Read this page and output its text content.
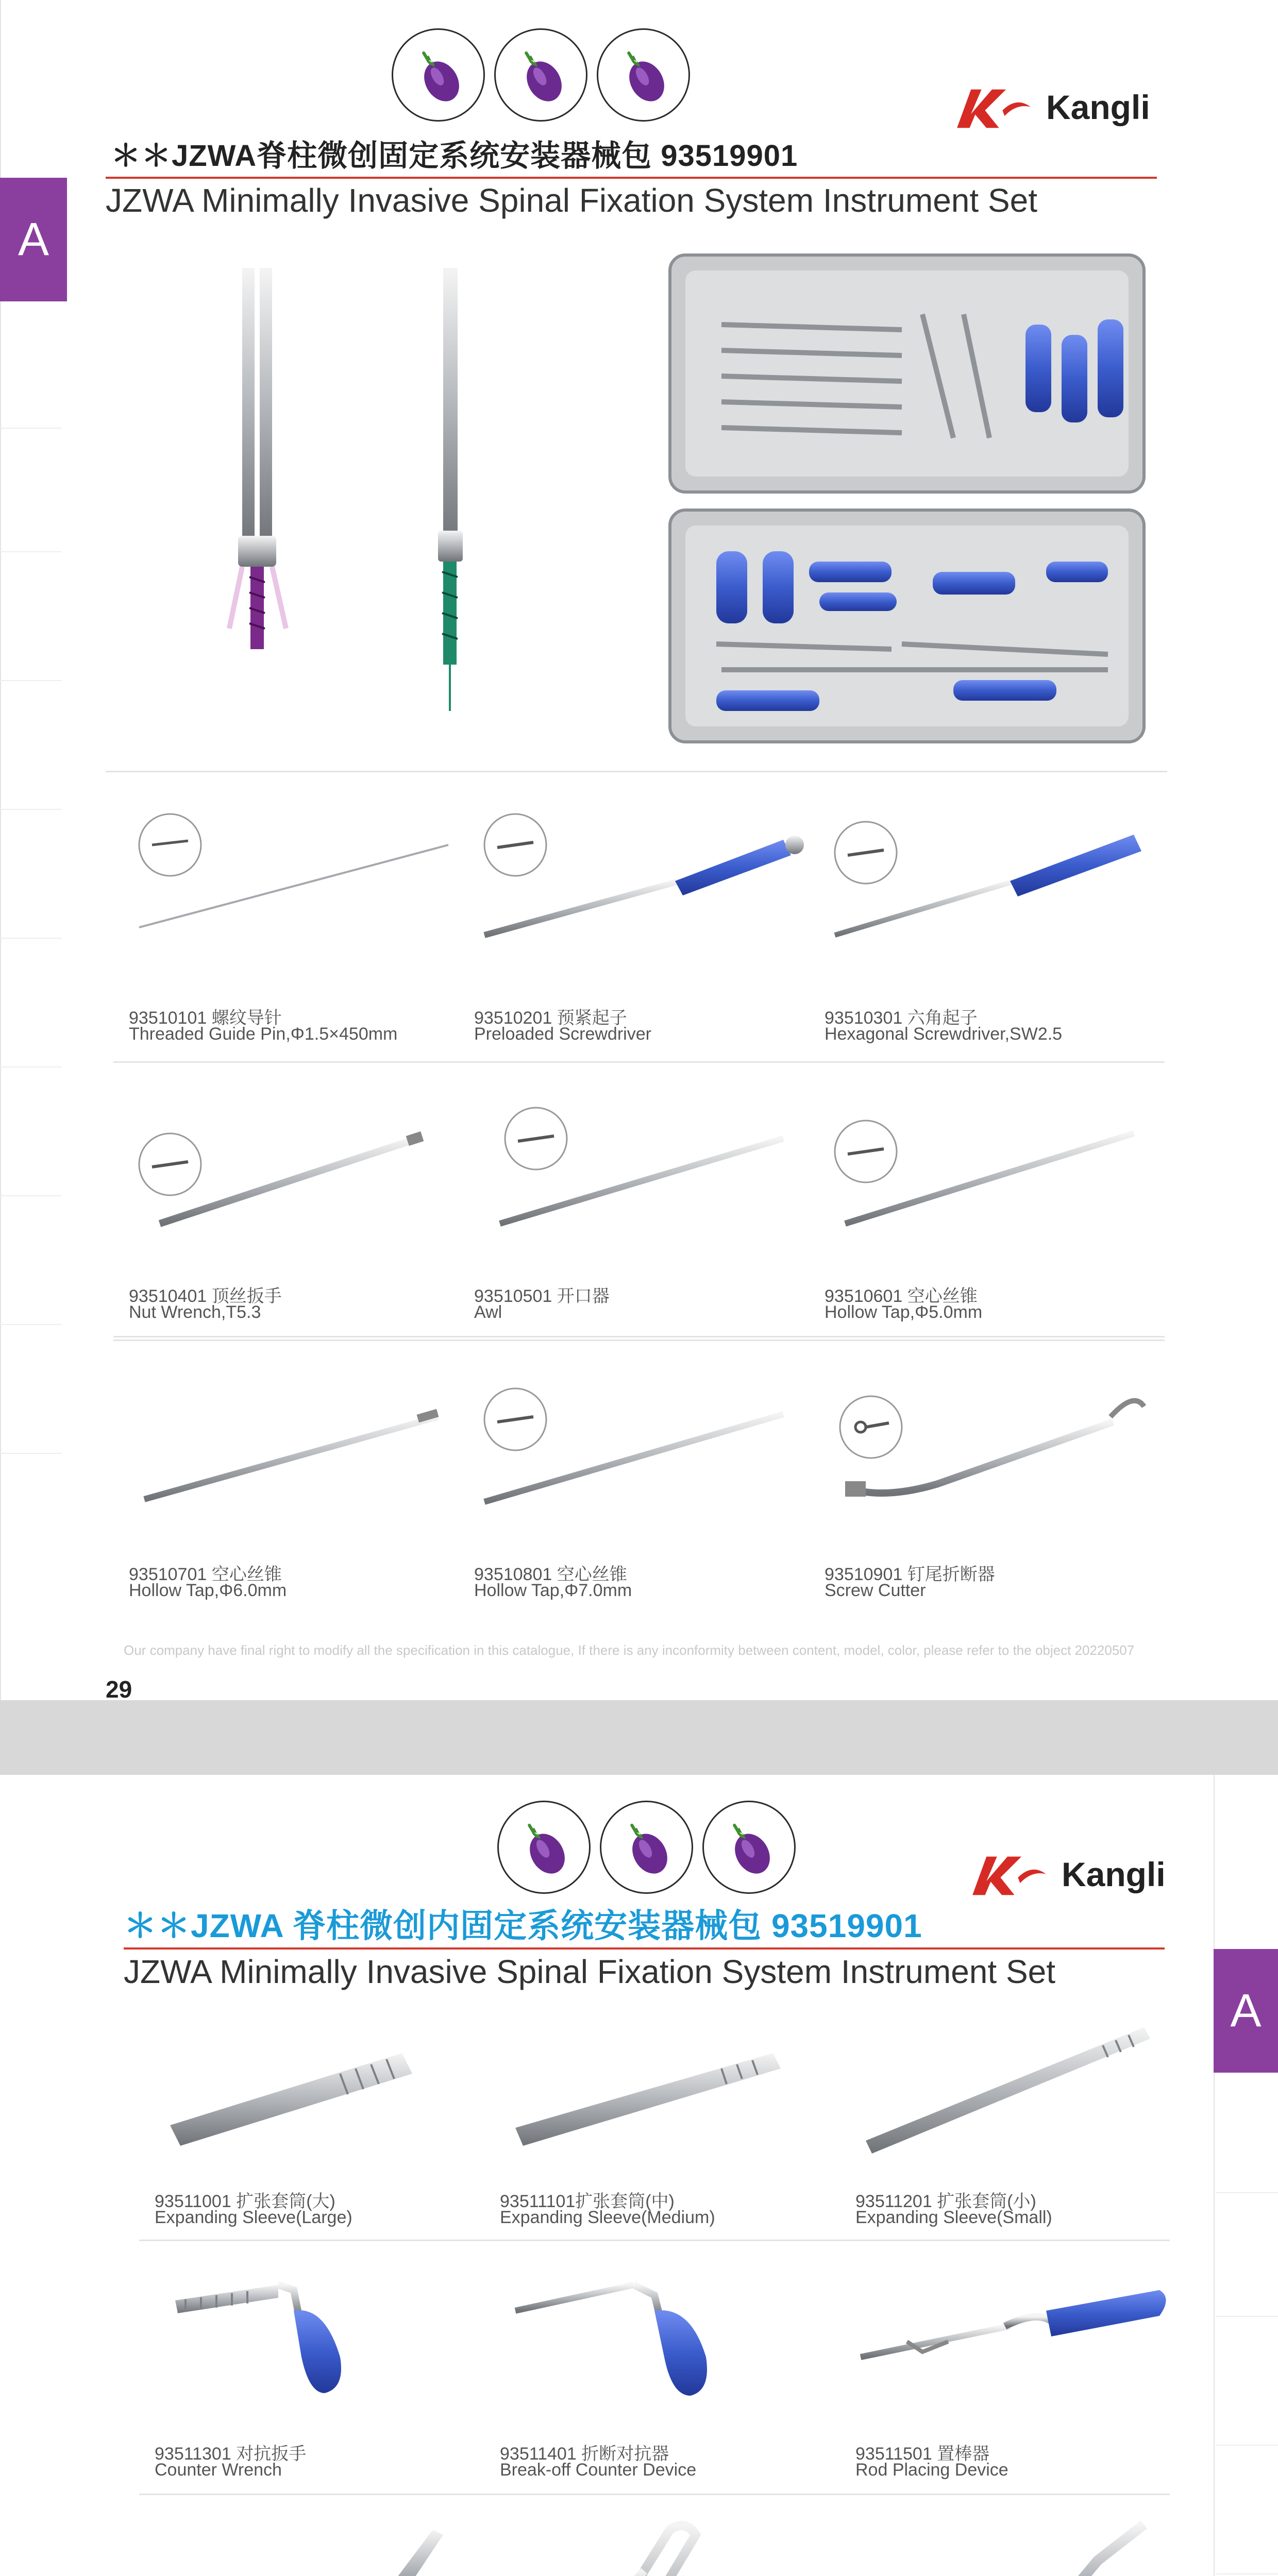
A
Kangli
＊＊JZWA脊柱微创固定系统安装器械包 93519901
JZWA Minimally Invasive Spinal Fixation System Instrument Set
93510101 螺纹导针
Threaded Guide Pin,Φ1.5×450mm
93510201 预紧起子
Preloaded Screwdriver
93510301 六角起子
Hexagonal Screwdriver,SW2.5
93510401 顶丝扳手
Nut Wrench,T5.3
93510501 开口器
Awl
93510601 空心丝锥
Hollow Tap,Φ5.0mm
93510701 空心丝锥
Hollow Tap,Φ6.0mm
93510801 空心丝锥
Hollow Tap,Φ7.0mm
93510901 钉尾折断器
Screw Cutter
Our company have final right to modify all the specification in this catalogue, If there is any inconformity between content, model, color, please refer to the object 20220507
29
A
Kangli
＊＊JZWA 脊柱微创内固定系统安装器械包 93519901
JZWA Minimally Invasive Spinal Fixation System Instrument Set
93511001 扩张套筒(大)
Expanding Sleeve(Large)
93511101扩张套筒(中)
Expanding Sleeve(Medium)
93511201 扩张套筒(小)
Expanding Sleeve(Small)
93511301 对抗扳手
Counter Wrench
93511401 折断对抗器
Break-off Counter Device
93511501 置棒器
Rod Placing Device
